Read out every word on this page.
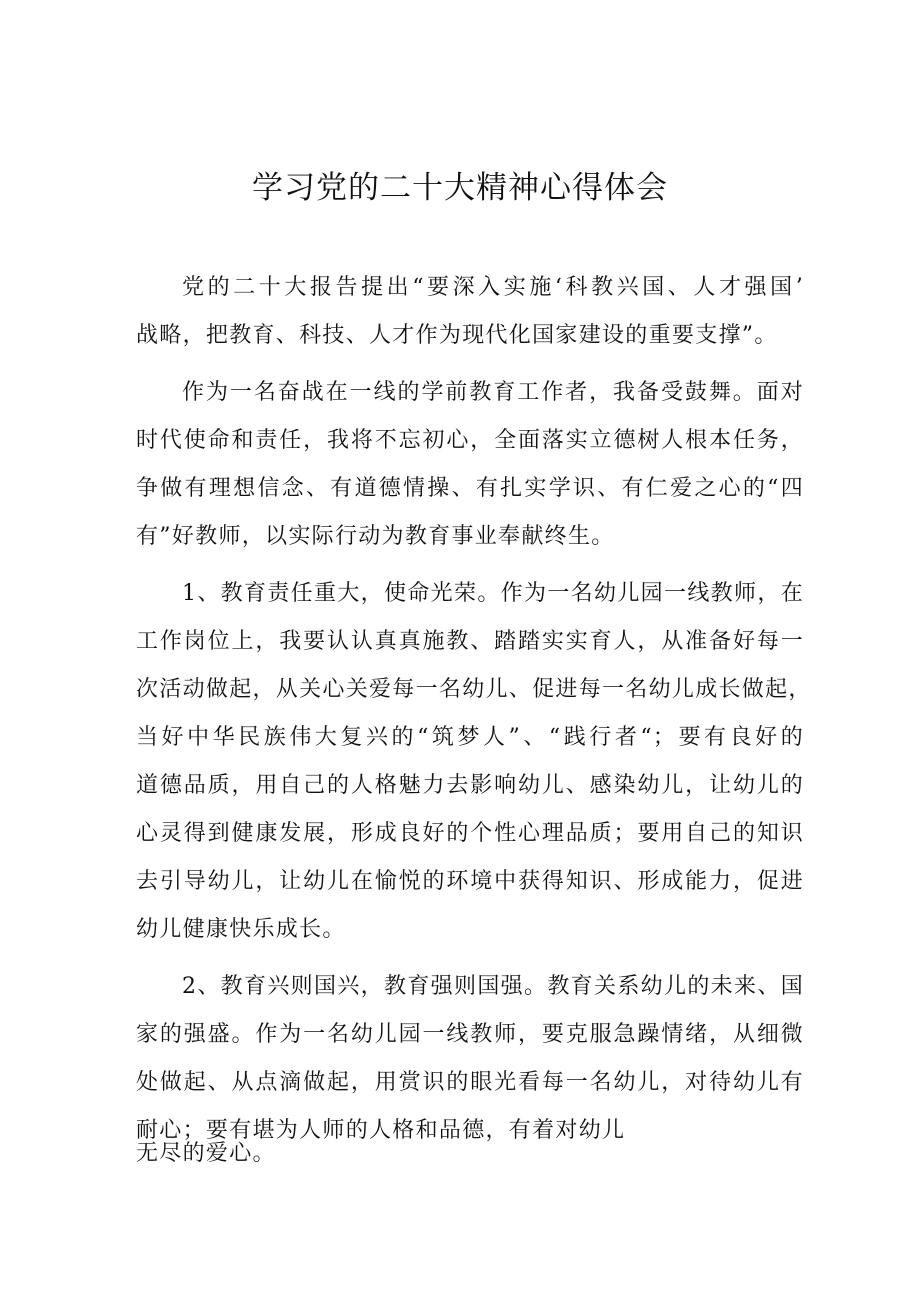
学习党的二十大精神心得体会
党的二十大报告提出“要深入实施‘科教兴国、人才强国’
战略，把教育、科技、人才作为现代化国家建设的重要支撑”。
作为一名奋战在一线的学前教育工作者，我备受鼓舞。面对
时代使命和责任，我将不忘初心，全面落实立德树人根本任务，
争做有理想信念、有道德情操、有扎实学识、有仁爱之心的“四
有”好教师，以实际行动为教育事业奉献终生。
1、教育责任重大，使命光荣。作为一名幼儿园一线教师，在
工作岗位上，我要认认真真施教、踏踏实实育人，从准备好每一
次活动做起，从关心关爱每一名幼儿、促进每一名幼儿成长做起，
当好中华民族伟大复兴的“筑梦人”、“践行者“；要有良好的
道德品质，用自己的人格魅力去影响幼儿、感染幼儿，让幼儿的
心灵得到健康发展，形成良好的个性心理品质；要用自己的知识
去引导幼儿，让幼儿在愉悦的环境中获得知识、形成能力，促进
幼儿健康快乐成长。
2、教育兴则国兴，教育强则国强。教育关系幼儿的未来、国
家的强盛。作为一名幼儿园一线教师，要克服急躁情绪，从细微
处做起、从点滴做起，用赏识的眼光看每一名幼儿，对待幼儿有
耐心；要有堪为人师的人格和品德，有着对幼儿
无尽的爱心。
